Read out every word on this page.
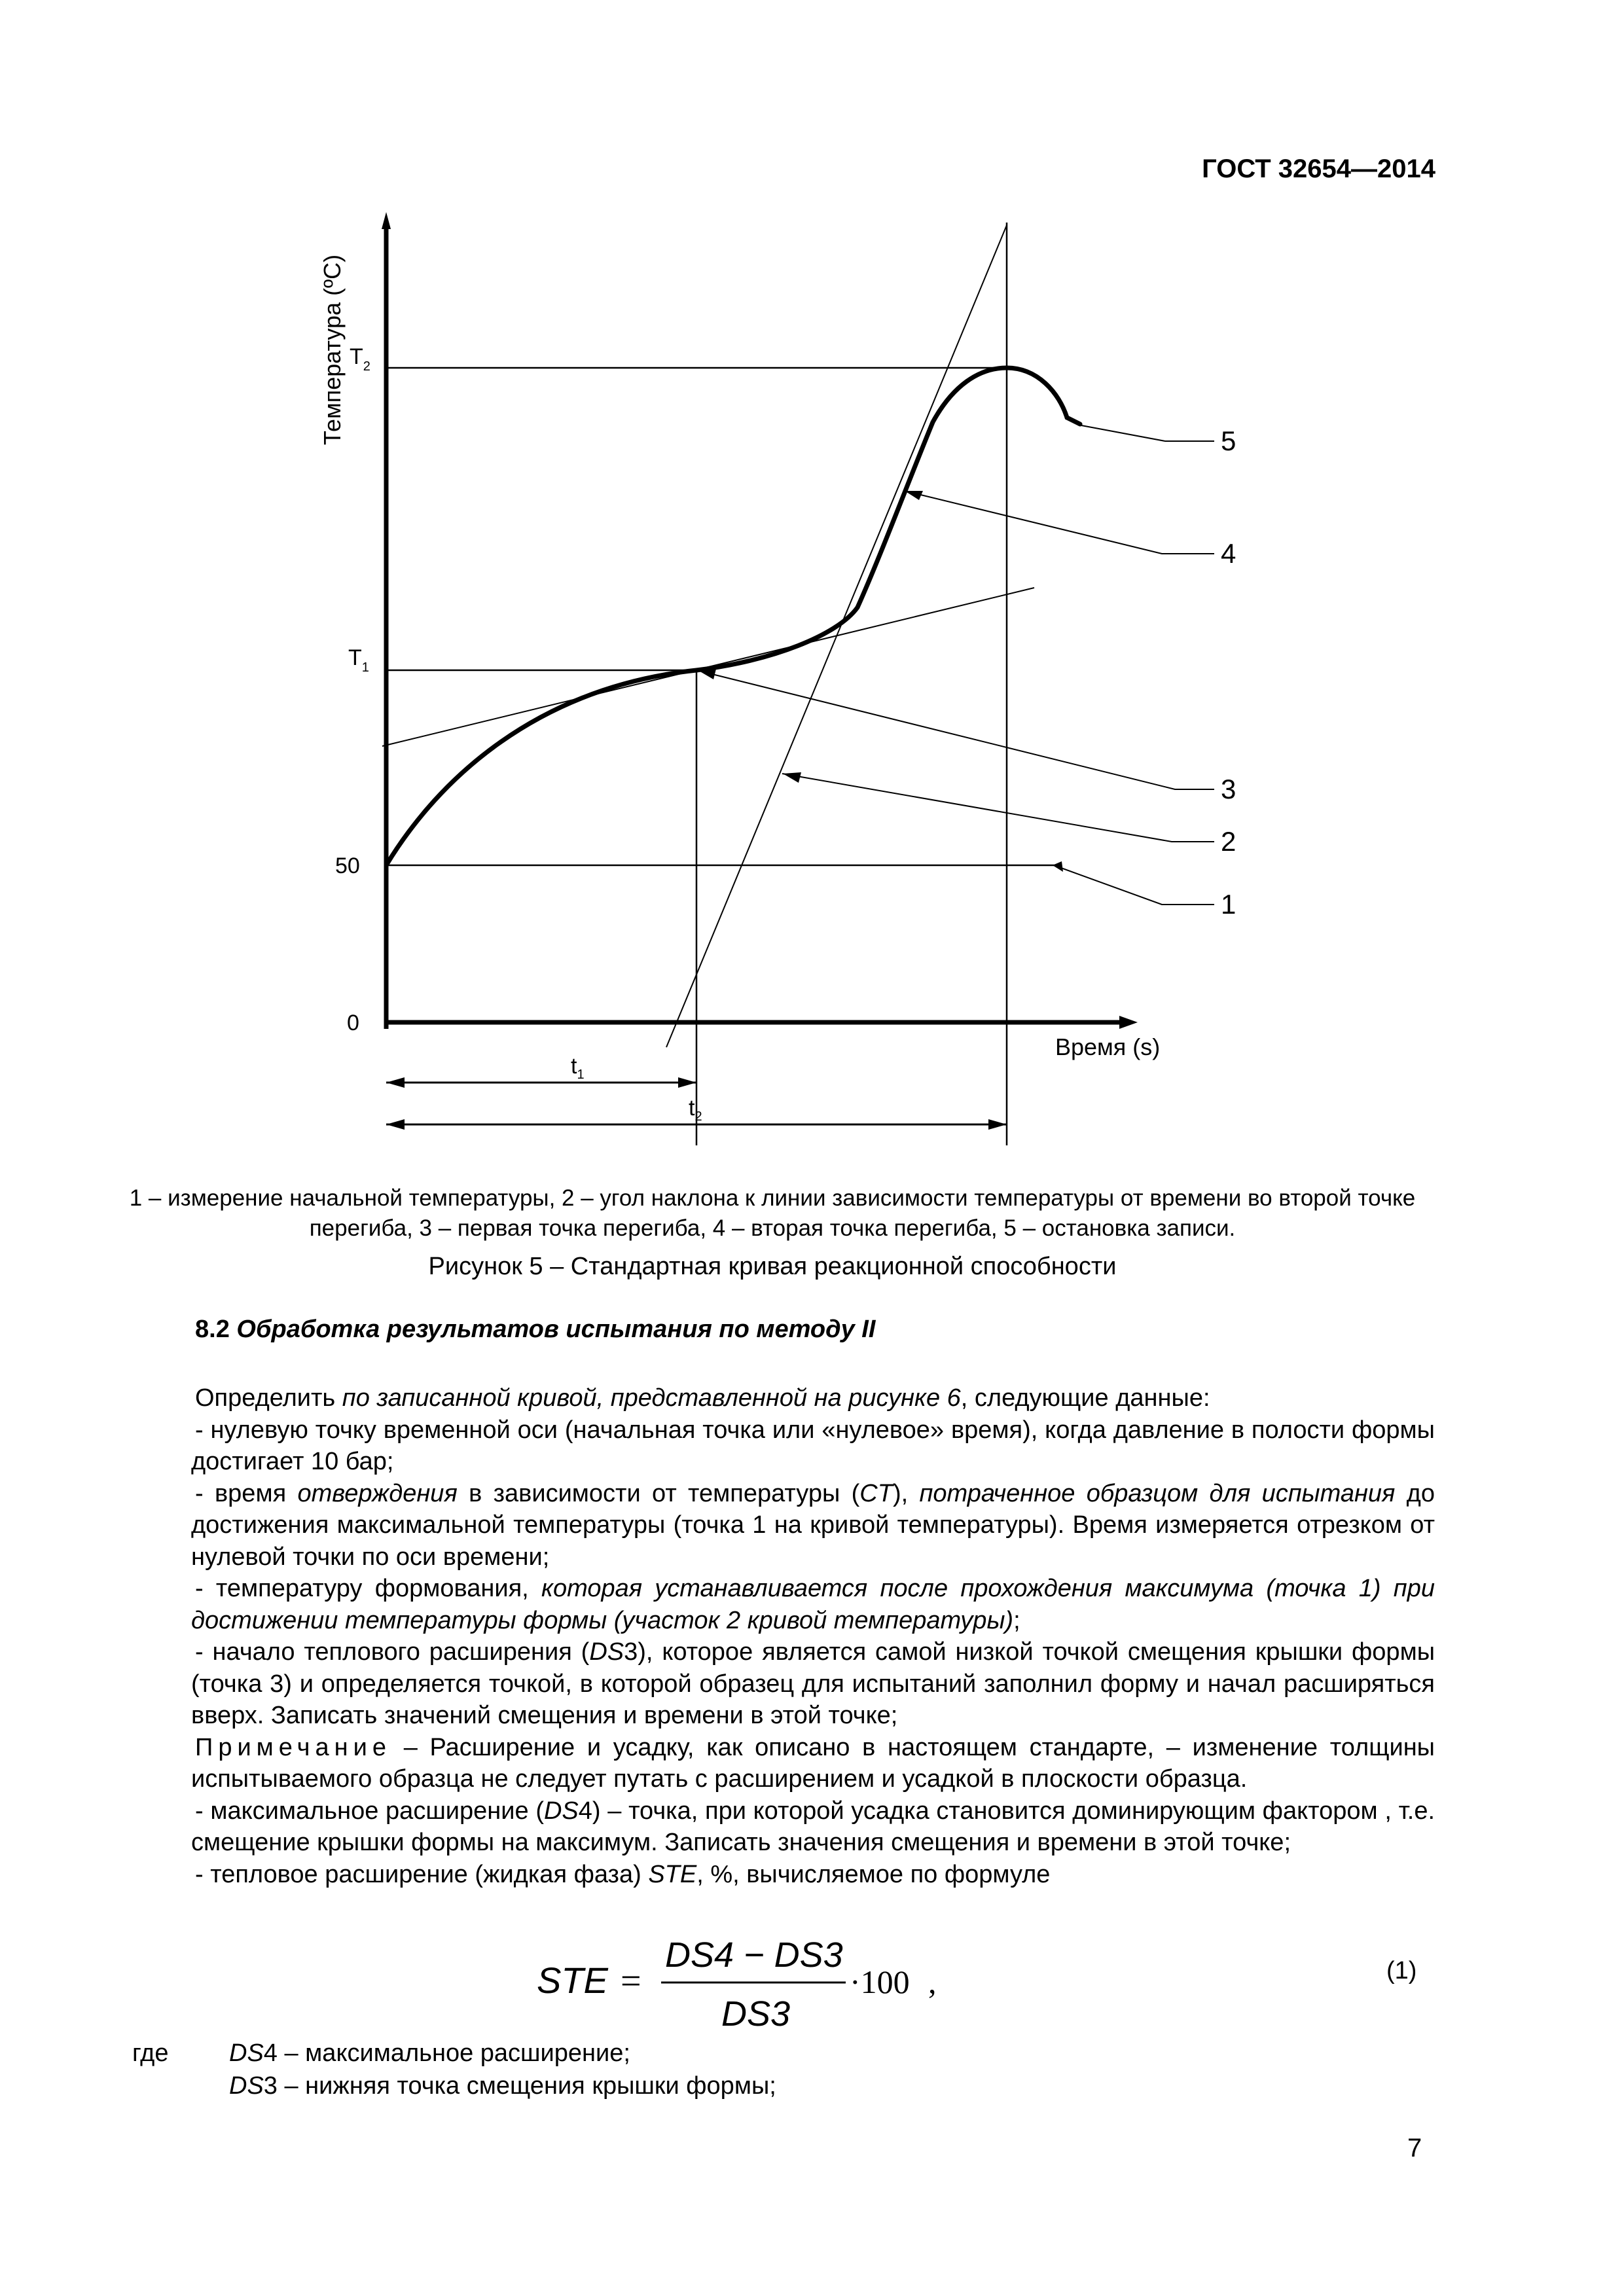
ГОСТ 32654—2014
$T_2$
$T_1$
50
0
Температура (ºC)
Время (s)
$t_1$
$t_2$
5
4
3
2
1
1 – измерение начальной температуры, 2 – угол наклона к линии зависимости температуры от времени во второй точке перегиба, 3 – первая точка перегиба, 4 – вторая точка перегиба, 5 – остановка записи.
Рисунок 5 – Стандартная кривая реакционной способности
8.2 Обработка результатов испытания по методу II

Определить по записанной кривой, представленной на рисунке 6, следующие данные:

- нулевую точку временной оси (начальная точка или «нулевое» время), когда давление в полости формы достигает 10 бар;

- время отверждения в зависимости от температуры (CT), потраченное образцом для испытания до достижения максимальной температуры (точка 1 на кривой температуры). Время измеряется отрезком от нулевой точки по оси времени;

- температуру формования, которая устанавливается после прохождения максимума (точка 1) при достижении температуры формы (участок 2 кривой температуры);

- начало теплового расширения (DS3), которое является самой низкой точкой смещения крышки формы (точка 3) и определяется точкой, в которой образец для испытаний заполнил форму и начал расширяться вверх. Записать значений смещения и времени в этой точке;

Примечание – Расширение и усадку, как описано в настоящем стандарте, – изменение толщины испытываемого образца не следует путать с расширением и усадкой в плоскости образца.

- максимальное расширение (DS4) – точка, при которой усадка становится доминирующим фактором , т.е. смещение крышки формы на максимум. Записать значения смещения и времени в этой точке;

- тепловое расширение (жидкая фаза) STE, %, вычисляемое по формуле

STE =
DS4 − DS3
DS3
·100 ,	(1)
где DS4 – максимальное расширение;
DS3 – нижняя точка смещения крышки формы;
7
